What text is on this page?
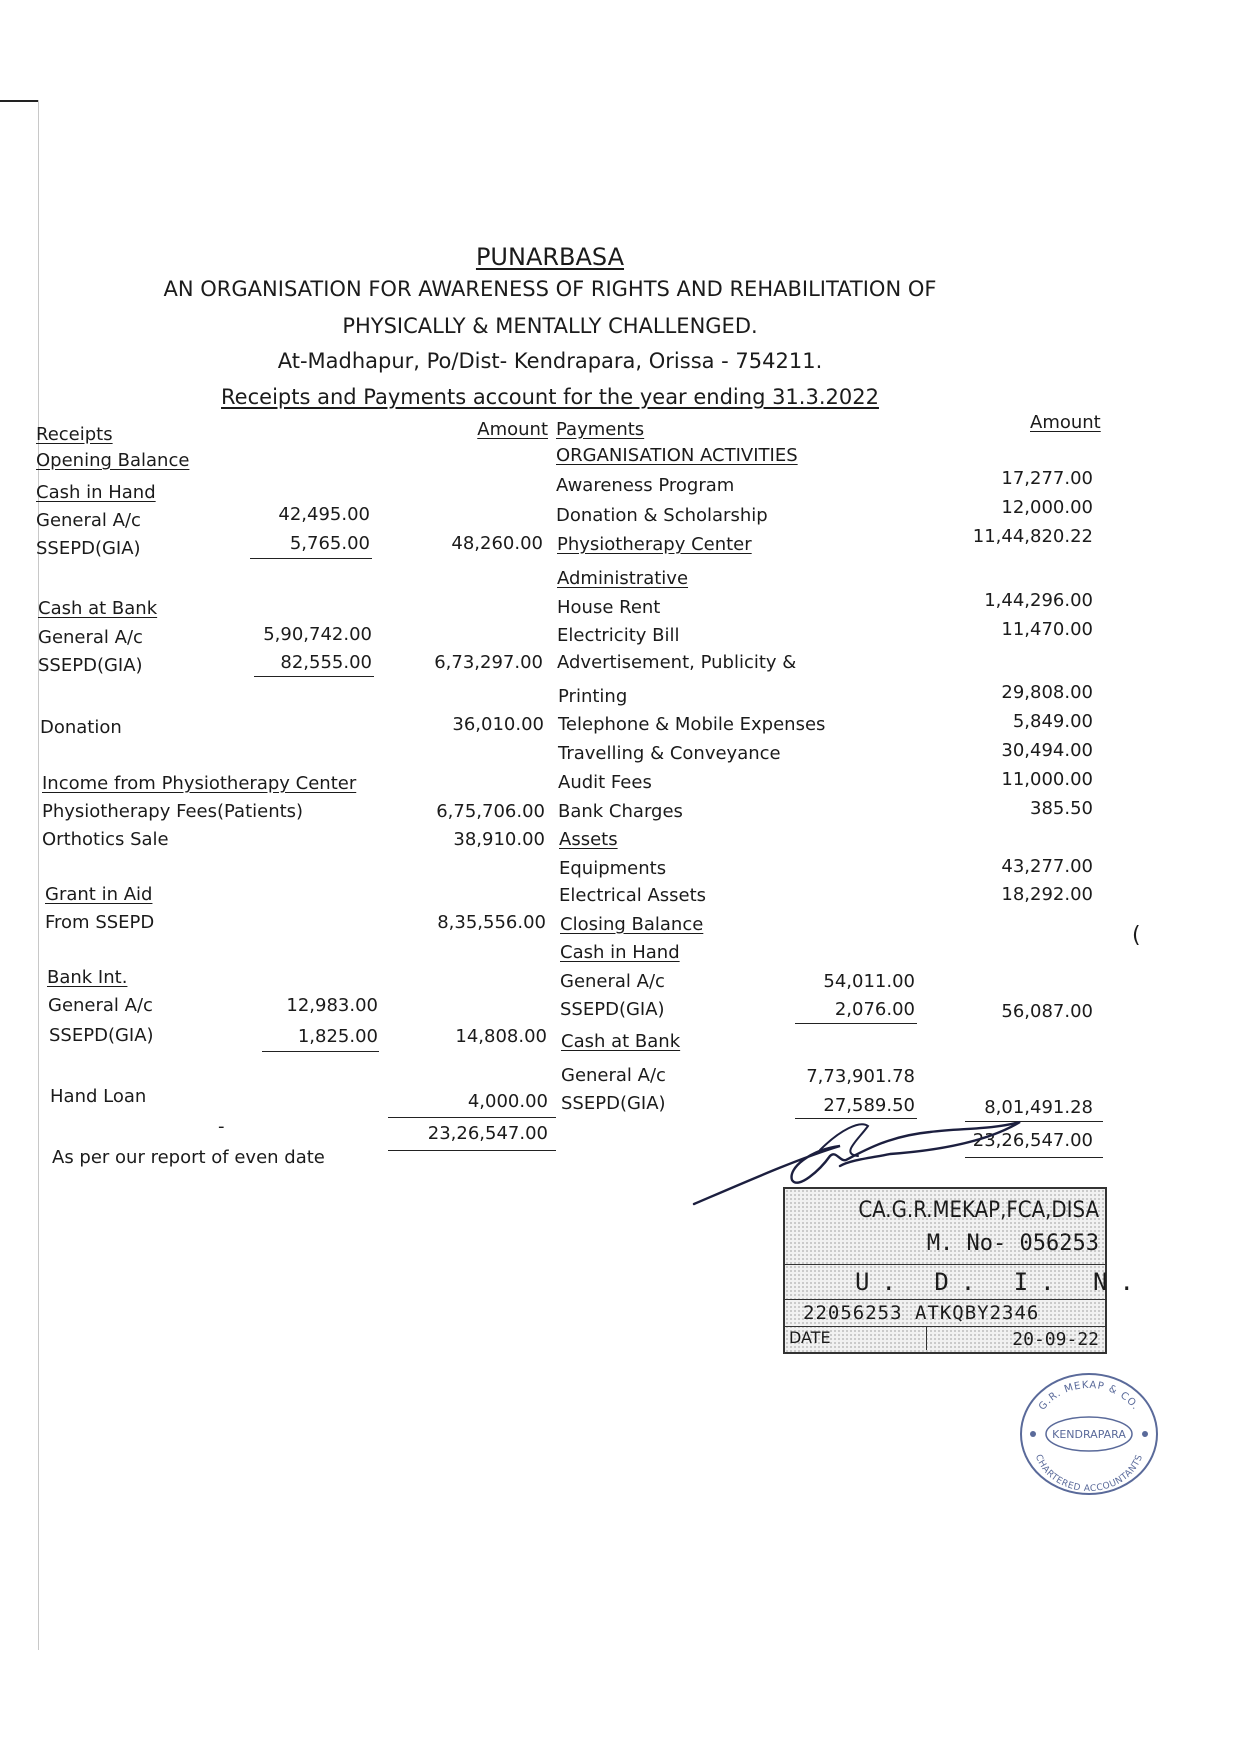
PUNARBASA
AN ORGANISATION FOR AWARENESS OF RIGHTS AND REHABILITATION OF
PHYSICALLY & MENTALLY CHALLENGED.
At-Madhapur, Po/Dist- Kendrapara, Orissa - 754211.
Receipts and Payments account for the year ending 31.3.2022
Receipts	Amount Payments	Amount
Opening Balance
Cash in Hand
General A/c	42,495.00
SSEPD(GIA)	5,765.00	48,260.00
Cash at Bank
General A/c	5,90,742.00
SSEPD(GIA)	82,555.00	6,73,297.00
Donation	36,010.00
Income from Physiotherapy Center
Physiotherapy Fees(Patients)	6,75,706.00
Orthotics Sale	38,910.00
Grant in Aid
From SSEPD	8,35,556.00
Bank Int.
General A/c	12,983.00
SSEPD(GIA)	1,825.00	14,808.00
Hand Loan	4,000.00
-	23,26,547.00
As per our report of even date
ORGANISATION ACTIVITIES
Awareness Program	17,277.00
Donation & Scholarship	12,000.00
Physiotherapy Center	11,44,820.22
Administrative
House Rent	1,44,296.00
Electricity Bill	11,470.00
Advertisement, Publicity &
Printing	29,808.00
Telephone & Mobile Expenses	5,849.00
Travelling & Conveyance	30,494.00
Audit Fees	11,000.00
Bank Charges	385.50
Assets
Equipments	43,277.00
Electrical Assets	18,292.00
Closing Balance
Cash in Hand
General A/c	54,011.00
SSEPD(GIA)	2,076.00	56,087.00
Cash at Bank
General A/c	7,73,901.78
SSEPD(GIA)	27,589.50	8,01,491.28
23,26,547.00
(
CA.G.R.MEKAP,FCA,DISA
M. No- 056253
U. D. I. N.
22056253 ATKQBY2346
DATE	20-09-22
G.R. MEKAP & CO.
KENDRAPARA
CHARTERED ACCOUNTANTS
